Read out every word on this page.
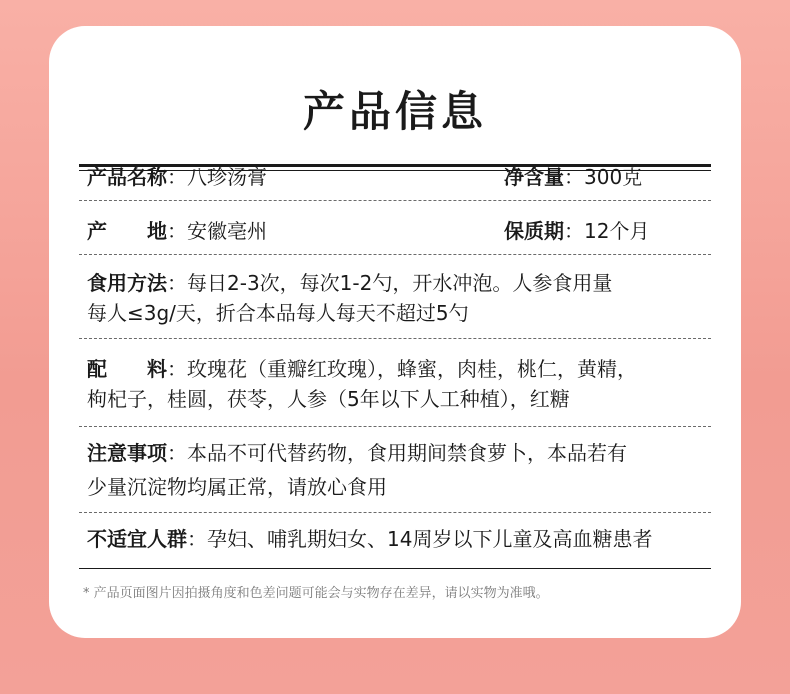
产品信息
产品名称：八珍汤膏	净含量：300克
产 地：安徽亳州	保质期：12个月
食用方法：每日2-3次，每次1-2勺，开水冲泡。人参食用量
每人≤3g/天，折合本品每人每天不超过5勺
配 料：玫瑰花（重瓣红玫瑰），蜂蜜，肉桂，桃仁，黄精，
枸杞子，桂圆，茯苓，人参（5年以下人工种植），红糖
注意事项：本品不可代替药物，食用期间禁食萝卜，本品若有
少量沉淀物均属正常，请放心食用
不适宜人群：孕妇、哺乳期妇女、14周岁以下儿童及高血糖患者
* 产品页面图片因拍摄角度和色差问题可能会与实物存在差异，请以实物为准哦。
